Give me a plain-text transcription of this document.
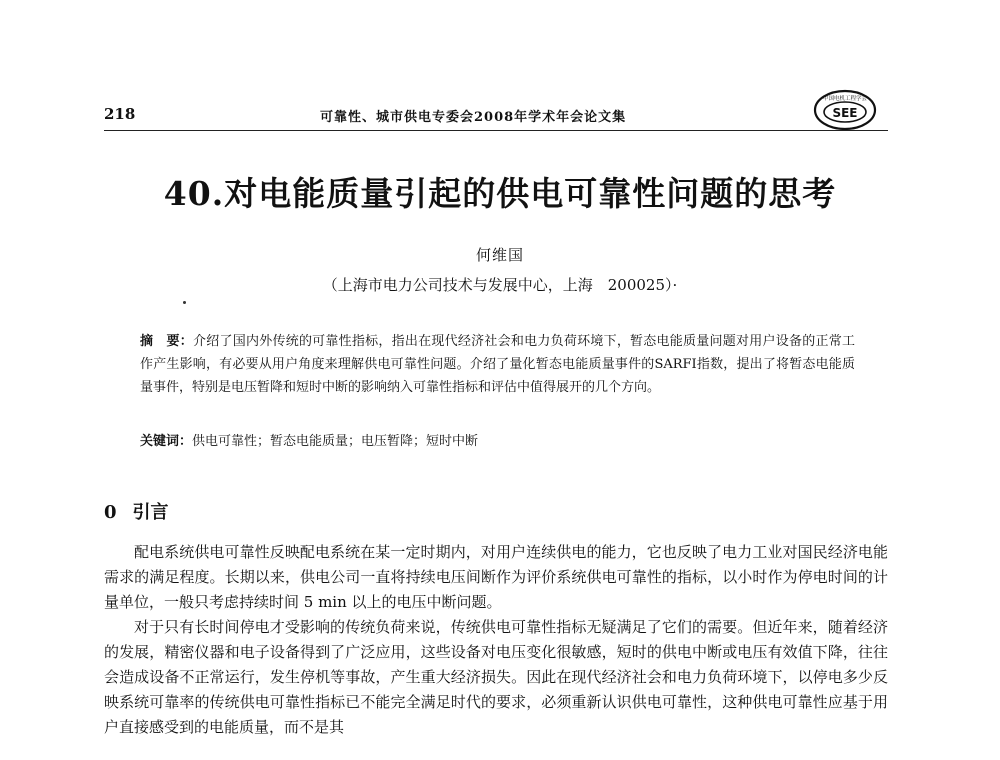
218	可靠性、城市供电专委会2008年学术年会论文集
中国电机工程学会
SEE
40.对电能质量引起的供电可靠性问题的思考
何维国
（上海市电力公司技术与发展中心，上海　200025）·
摘　要：介绍了国内外传统的可靠性指标，指出在现代经济社会和电力负荷环境下，暂态电能质量问题对用户设备的正常工作产生影响，有必要从用户角度来理解供电可靠性问题。介绍了量化暂态电能质量事件的SARFI指数，提出了将暂态电能质量事件，特别是电压暂降和短时中断的影响纳入可靠性指标和评估中值得展开的几个方向。
关键词：供电可靠性；暂态电能质量；电压暂降；短时中断
0 引言

配电系统供电可靠性反映配电系统在某一定时期内，对用户连续供电的能力，它也反映了电力工业对国民经济电能需求的满足程度。长期以来，供电公司一直将持续电压间断作为评价系统供电可靠性的指标，以小时作为停电时间的计量单位，一般只考虑持续时间 5 min 以上的电压中断问题。

对于只有长时间停电才受影响的传统负荷来说，传统供电可靠性指标无疑满足了它们的需要。但近年来，随着经济的发展，精密仪器和电子设备得到了广泛应用，这些设备对电压变化很敏感，短时的供电中断或电压有效值下降，往往会造成设备不正常运行，发生停机等事故，产生重大经济损失。因此在现代经济社会和电力负荷环境下，以停电多少反映系统可靠率的传统供电可靠性指标已不能完全满足时代的要求，必须重新认识供电可靠性，这种供电可靠性应基于用户直接感受到的电能质量，而不是其
